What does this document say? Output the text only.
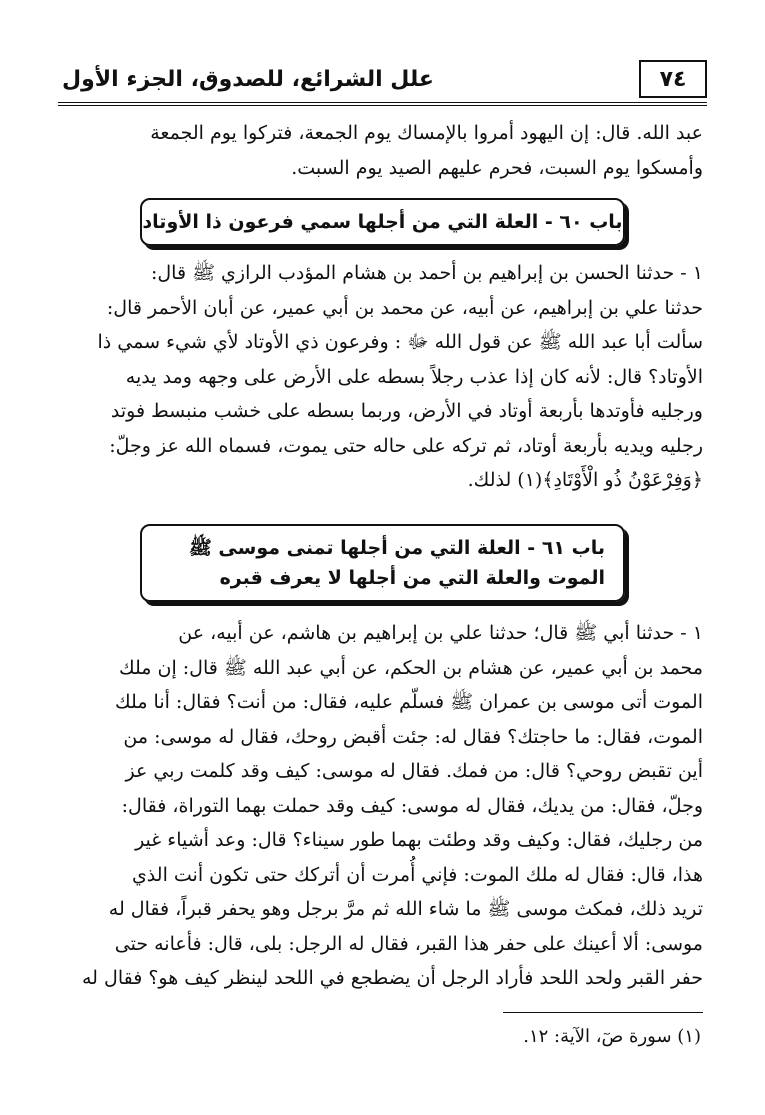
٧٤
علل الشرائع، للصدوق، الجزء الأول
عبد الله. قال: إن اليهود أمروا بالإمساك يوم الجمعة، فتركوا يوم الجمعة
وأمسكوا يوم السبت، فحرم عليهم الصيد يوم السبت.
باب ٦٠ - العلة التي من أجلها سمي فرعون ذا الأوتاد
١ - حدثنا الحسن بن إبراهيم بن أحمد بن هشام المؤدب الرازي ﷺ قال:
حدثنا علي بن إبراهيم، عن أبيه، عن محمد بن أبي عمير، عن أبان الأحمر قال:
سألت أبا عبد الله ﷺ عن قول الله ﷻ : وفرعون ذي الأوتاد لأي شيء سمي ذا
الأوتاد؟ قال: لأنه كان إذا عذب رجلاً بسطه على الأرض على وجهه ومد يديه
ورجليه فأوتدها بأربعة أوتاد في الأرض، وربما بسطه على خشب منبسط فوتد
رجليه ويديه بأربعة أوتاد، ثم تركه على حاله حتى يموت، فسماه الله عز وجلّ:
﴿وَفِرْعَوْنُ ذُو الْأَوْتَادِ﴾(١) لذلك.
باب ٦١ - العلة التي من أجلها تمنى موسى ﷺ
الموت والعلة التي من أجلها لا يعرف قبره
١ - حدثنا أبي ﷺ قال؛ حدثنا علي بن إبراهيم بن هاشم، عن أبيه، عن
محمد بن أبي عمير، عن هشام بن الحكم، عن أبي عبد الله ﷺ قال: إن ملك
الموت أتى موسى بن عمران ﷺ فسلّم عليه، فقال: من أنت؟ فقال: أنا ملك
الموت، فقال: ما حاجتك؟ فقال له: جئت أقبض روحك، فقال له موسى: من
أين تقبض روحي؟ قال: من فمك. فقال له موسى: كيف وقد كلمت ربي عز
وجلّ، فقال: من يديك، فقال له موسى: كيف وقد حملت بهما التوراة، فقال:
من رجليك، فقال: وكيف وقد وطئت بهما طور سيناء؟ قال: وعد أشياء غير
هذا، قال: فقال له ملك الموت: فإني أُمرت أن أتركك حتى تكون أنت الذي
تريد ذلك، فمكث موسى ﷺ ما شاء الله ثم مرَّ برجل وهو يحفر قبراً، فقال له
موسى: ألا أعينك على حفر هذا القبر، فقال له الرجل: بلى، قال: فأعانه حتى
حفر القبر ولحد اللحد فأراد الرجل أن يضطجع في اللحد لينظر كيف هو؟ فقال له
(١) سورة صٓ، الآية: ١٢.
